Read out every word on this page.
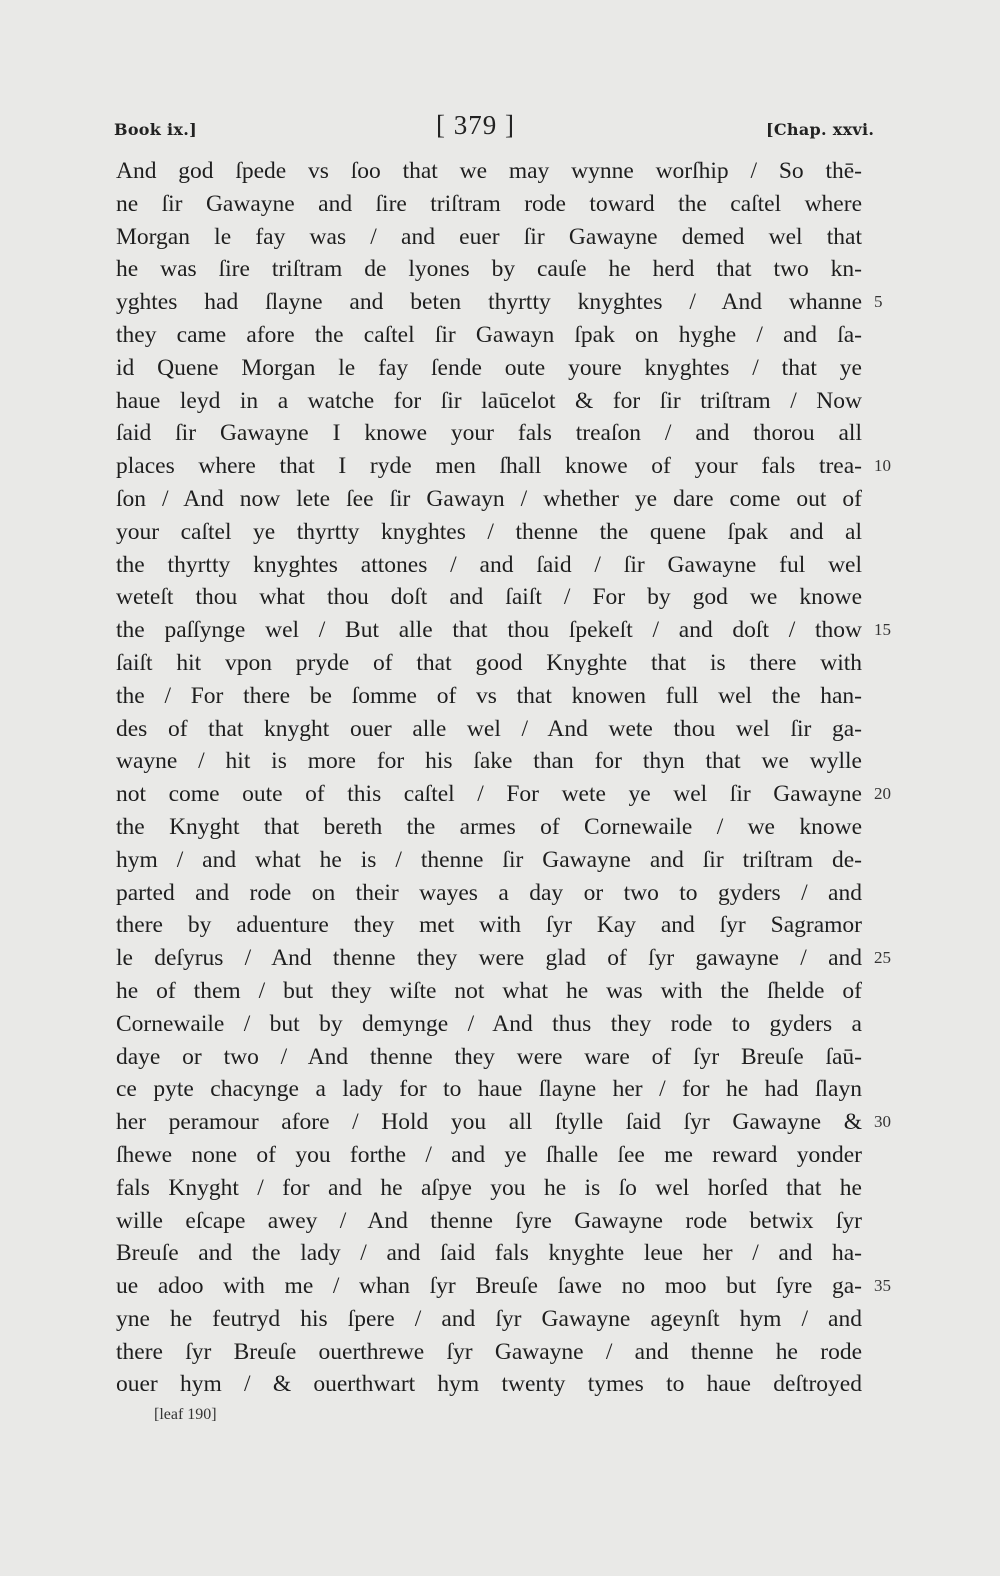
Book ix.]	[ 379 ]	[Chap. xxvi.
And god ſpede vs ſoo that we may wynne worſhip / So thē-
ne ſir Gawayne and ſire triſtram rode toward the caſtel where
Morgan le fay was / and euer ſir Gawayne demed wel that
he was ſire triſtram de lyones by cauſe he herd that two kn-
yghtes had ſlayne and beten thyrtty knyghtes / And whanne 5
they came afore the caſtel ſir Gawayn ſpak on hyghe / and ſa-
id Quene Morgan le fay ſende oute youre knyghtes / that ye
haue leyd in a watche for ſir laūcelot & for ſir triſtram / Now
ſaid ſir Gawayne I knowe your fals treaſon / and thorou all
places where that I ryde men ſhall knowe of your fals trea- 10
ſon / And now lete ſee ſir Gawayn / whether ye dare come out of
your caſtel ye thyrtty knyghtes / thenne the quene ſpak and al
the thyrtty knyghtes attones / and ſaid / ſir Gawayne ful wel
weteſt thou what thou doſt and ſaiſt / For by god we knowe
the paſſynge wel / But alle that thou ſpekeſt / and doſt / thow 15
ſaiſt hit vpon pryde of that good Knyghte that is there with
the / For there be ſomme of vs that knowen full wel the han-
des of that knyght ouer alle wel / And wete thou wel ſir ga-
wayne / hit is more for his ſake than for thyn that we wylle
not come oute of this caſtel / For wete ye wel ſir Gawayne 20
the Knyght that bereth the armes of Cornewaile / we knowe
hym / and what he is / thenne ſir Gawayne and ſir triſtram de-
parted and rode on their wayes a day or two to gyders / and
there by aduenture they met with ſyr Kay and ſyr Sagramor
le deſyrus / And thenne they were glad of ſyr gawayne / and 25
he of them / but they wiſte not what he was with the ſhelde of
Cornewaile / but by demynge / And thus they rode to gyders a
daye or two / And thenne they were ware of ſyr Breuſe ſaū-
ce pyte chacynge a lady for to haue ſlayne her / for he had ſlayn
her peramour afore / Hold you all ſtylle ſaid ſyr Gawayne & 30
ſhewe none of you forthe / and ye ſhalle ſee me reward yonder
fals Knyght / for and he aſpye you he is ſo wel horſed that he
wille eſcape awey / And thenne ſyre Gawayne rode betwix ſyr
Breuſe and the lady / and ſaid fals knyghte leue her / and ha-
ue adoo with me / whan ſyr Breuſe ſawe no moo but ſyre ga- 35
yne he feutryd his ſpere / and ſyr Gawayne ageynſt hym / and
there ſyr Breuſe ouerthrewe ſyr Gawayne / and thenne he rode
ouer hym / & ouerthwart hym twenty tymes to haue deſtroyed
[leaf 190]
